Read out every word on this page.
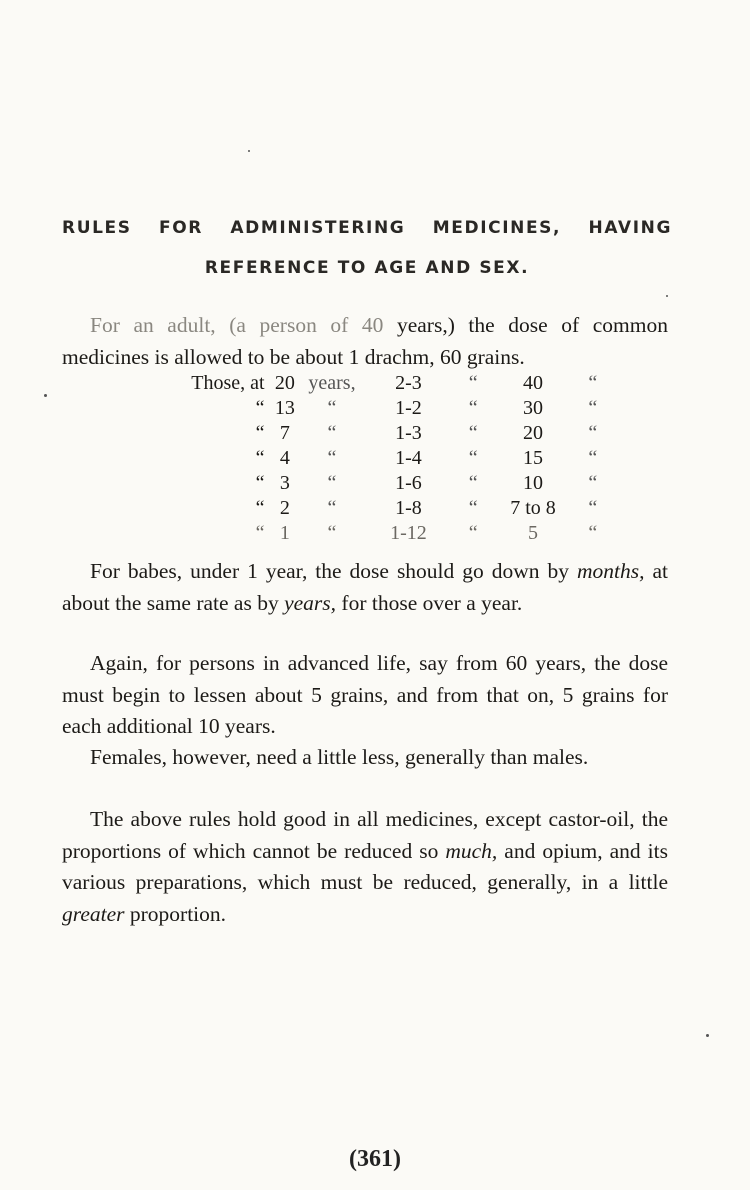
RULES FOR ADMINISTERING MEDICINES, HAVING
REFERENCE TO AGE AND SEX.
For an adult, (a person of 40 years,) the dose of common medicines is allowed to be about 1 drachm, 60 grains.
Those, at	20	years,	2-3	“	40	“
“	13	“	1-2	“	30	“
“	7	“	1-3	“	20	“
“	4	“	1-4	“	15	“
“	3	“	1-6	“	10	“
“	2	“	1-8	“	7 to 8	“
“	1	“	1-12	“	5	“
For babes, under 1 year, the dose should go down by months, at about the same rate as by years, for those over a year.
Again, for persons in advanced life, say from 60 years, the dose must begin to lessen about 5 grains, and from that on, 5 grains for each additional 10 years.
Females, however, need a little less, generally than males.
The above rules hold good in all medicines, except castor-oil, the proportions of which cannot be reduced so much, and opium, and its various preparations, which must be reduced, generally, in a little greater proportion.
(361)
